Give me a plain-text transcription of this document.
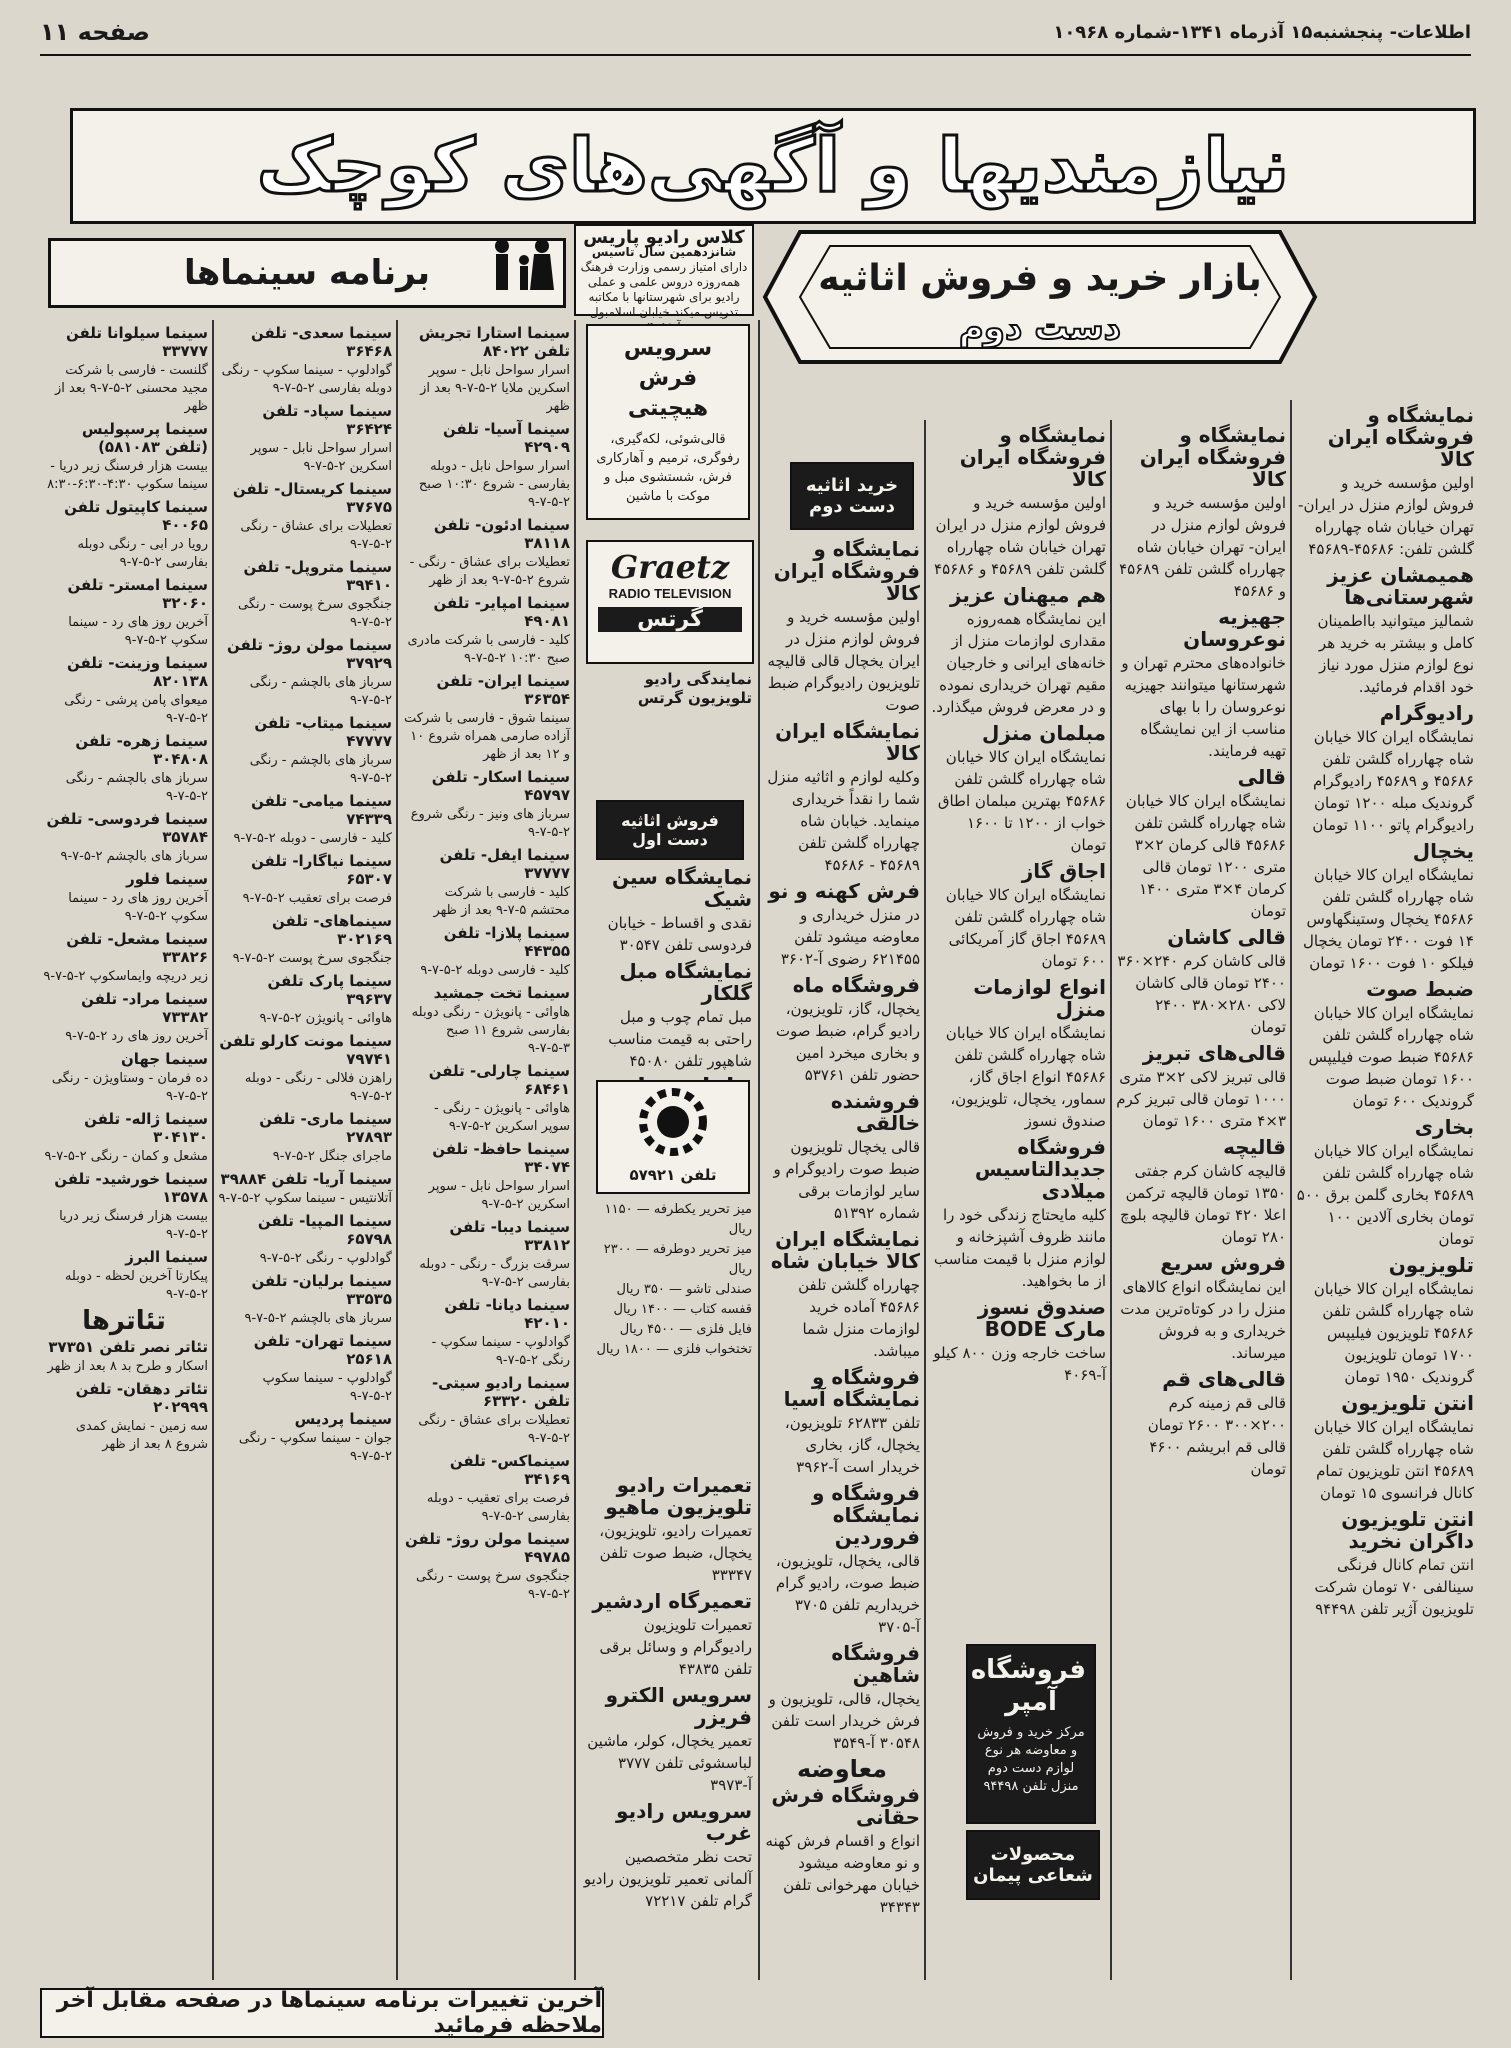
اطلاعات- پنجشنبه۱۵ آذرماه ۱۳۴۱-شماره ۱۰۹۶۸
صفحه ۱۱
نیازمندیها و آگهی‌های کوچک
بازار خرید و فروش اثاثیه
دست دوم
برنامه سینماها
کلاس رادیو پاریس
شانزدهمین سال تاسیس
دارای امتیاز رسمی وزارت فرهنگ همه‌روزه دروس علمی و عملی رادیو برای شهرستانها با مکاتبه تدریس میکند خیابان اسلامبول
نمایشگاه و فروشگاه ایران کالا

اولین مؤسسه خرید و فروش لوازم منزل در ایران- تهران خیابان شاه چهارراه گلشن تلفن: ۴۵۶۸۶-۴۵۶۸۹

همیمشان عزیز شهرستانی‌ها

شمالیز میتوانید بااطمینان کامل و بیشتر به خرید هر نوع لوازم منزل مورد نیاز خود اقدام فرمائید.

رادیوگرام

نمایشگاه ایران کالا خیابان شاه چهارراه گلشن تلفن ۴۵۶۸۶ و ۴۵۶۸۹ رادیوگرام گروندیک مبله ۱۲۰۰ تومان رادیوگرام پاتو ۱۱۰۰ تومان

یخچال

نمایشگاه ایران کالا خیابان شاه چهارراه گلشن تلفن ۴۵۶۸۶ یخچال وستینگهاوس ۱۴ فوت ۲۴۰۰ تومان یخچال فیلکو ۱۰ فوت ۱۶۰۰ تومان

ضبط صوت

نمایشگاه ایران کالا خیابان شاه چهارراه گلشن تلفن ۴۵۶۸۶ ضبط صوت فیلیپس ۱۶۰۰ تومان ضبط صوت گروندیک ۶۰۰ تومان

بخاری

نمایشگاه ایران کالا خیابان شاه چهارراه گلشن تلفن ۴۵۶۸۹ بخاری گلمن برق ۵۰۰ تومان بخاری آلادین ۱۰۰ تومان

تلویزیون

نمایشگاه ایران کالا خیابان شاه چهارراه گلشن تلفن ۴۵۶۸۶ تلویزیون فیلیپس ۱۷۰۰ تومان تلویزیون گروندیک ۱۹۵۰ تومان

انتن تلویزیون

نمایشگاه ایران کالا خیابان شاه چهارراه گلشن تلفن ۴۵۶۸۹ انتن تلویزیون تمام کانال فرانسوی ۱۵ تومان

انتن تلویزیون داگران نخرید

انتن تمام کانال فرنگی سینالفی ۷۰ تومان شرکت تلویزیون آژیر تلفن ۹۴۴۹۸

نمایشگاه و فروشگاه ایران کالا

اولین مؤسسه خرید و فروش لوازم منزل در ایران- تهران خیابان شاه چهارراه گلشن تلفن ۴۵۶۸۹ و ۴۵۶۸۶

جهیزیه نوعروسان

خانواده‌های محترم تهران و شهرستانها میتوانند جهیزیه نوعروسان را با بهای مناسب از این نمایشگاه تهیه فرمایند.

قالی

نمایشگاه ایران کالا خیابان شاه چهارراه گلشن تلفن ۴۵۶۸۶ قالی کرمان ۲×۳ متری ۱۲۰۰ تومان قالی کرمان ۴×۳ متری ۱۴۰۰ تومان

قالی کاشان

قالی کاشان کرم ۲۴۰×۳۶۰ ۲۴۰۰ تومان قالی کاشان لاکی ۲۸۰×۳۸۰ ۲۴۰۰ تومان

قالی‌های تبریز

قالی تبریز لاکی ۲×۳ متری ۱۰۰۰ تومان قالی تبریز کرم ۳×۴ متری ۱۶۰۰ تومان

قالیچه

قالیچه کاشان کرم جفتی ۱۳۵۰ تومان قالیچه ترکمن اعلا ۴۲۰ تومان قالیچه بلوچ ۲۸۰ تومان

فروش سریع

این نمایشگاه انواع کالاهای منزل را در کوتاه‌ترین مدت خریداری و به فروش میرساند.

قالی‌های قم

قالی قم زمینه کرم ۲۰۰×۳۰۰ ۲۶۰۰ تومان قالی قم ابریشم ۴۶۰۰ تومان

نمایشگاه و فروشگاه ایران کالا

اولین مؤسسه خرید و فروش لوازم منزل در ایران تهران خیابان شاه چهارراه گلشن تلفن ۴۵۶۸۹ و ۴۵۶۸۶

هم میهنان عزیز

این نمایشگاه همه‌روزه مقداری لوازمات منزل از خانه‌های ایرانی و خارجیان مقیم تهران خریداری نموده و در معرض فروش میگذارد.

مبلمان منزل

نمایشگاه ایران کالا خیابان شاه چهارراه گلشن تلفن ۴۵۶۸۶ بهترین مبلمان اطاق خواب از ۱۲۰۰ تا ۱۶۰۰ تومان

اجاق گاز

نمایشگاه ایران کالا خیابان شاه چهارراه گلشن تلفن ۴۵۶۸۹ اجاق گاز آمریکائی ۶۰۰ تومان

انواع لوازمات منزل

نمایشگاه ایران کالا خیابان شاه چهارراه گلشن تلفن ۴۵۶۸۶ انواع اجاق گاز، سماور، یخچال، تلویزیون، صندوق نسوز

فروشگاه جدیدالتاسیس میلادی

کلیه مایحتاج زندگی خود را مانند ظروف آشپزخانه و لوازم منزل با قیمت مناسب از ما بخواهید.

صندوق نسوز مارک BODE

ساخت خارجه وزن ۸۰۰ کیلو آ-۴۰۶۹

فروشگاه آمپر
مرکز خرید و فروش و معاوضه هر نوع لوازم دست دوم منزل تلفن ۹۴۴۹۸
محصولات شعاعی پیمان
خرید اثاثیه دست دوم
نمایشگاه و فروشگاه ایران کالا

اولین مؤسسه خرید و فروش لوازم منزل در ایران یخچال قالی قالیچه تلویزیون رادیوگرام ضبط صوت

نمایشگاه ایران کالا

وکلیه لوازم و اثاثیه منزل شما را نقداً خریداری مینماید. خیابان شاه چهارراه گلشن تلفن ۴۵۶۸۹ - ۴۵۶۸۶

فرش کهنه و نو

در منزل خریداری و معاوضه میشود تلفن ۶۲۱۴۵۵ رضوی آ-۳۶۰۲

فروشگاه ماه

یخچال، گاز، تلویزیون، رادیو گرام، ضبط صوت و بخاری میخرد امین حضور تلفن ۵۳۷۶۱

فروشنده خالقی

قالی یخچال تلویزیون ضبط صوت رادیوگرام و سایر لوازمات برقی شماره ۵۱۳۹۲

نمایشگاه ایران کالا خیابان شاه

چهارراه گلشن تلفن ۴۵۶۸۶ آماده خرید لوازمات منزل شما میباشد.

فروشگاه و نمایشگاه آسیا

تلفن ۶۲۸۳۳ تلویزیون، یخچال، گاز، بخاری خریدار است آ-۳۹۶۲

فروشگاه و نمایشگاه فروردین

قالی، یخچال، تلویزیون، ضبط صوت، رادیو گرام خریداریم تلفن ۳۷۰۵ آ-۳۷۰۵

فروشگاه شاهین

یخچال، قالی، تلویزیون و فرش خریدار است تلفن ۳۰۵۴۸ آ-۳۵۴۹

معاوضه
فروشگاه فرش حقانی

انواع و اقسام فرش کهنه و نو معاوضه میشود خیابان مهرخوانی تلفن ۳۴۳۴۳

سرویس فرش هیچیتی
قالی‌شوئی، لکه‌گیری، رفوگری، ترمیم و آهارکاری فرش، شستشوی مبل و موکت با ماشین
Graetz
RADIO TELEVISION
گرتس
نمایندگی رادیو تلویزیون گرتس
فروش اثاثیه دست اول
نمایشگاه سین شیک

نقدی و اقساط - خیابان فردوسی تلفن ۳۰۵۴۷

نمایشگاه مبل گلکار

مبل تمام چوب و مبل راحتی به قیمت مناسب شاهپور تلفن ۴۵۰۸۰

تلفن ۵۷۹۲۱
میز تحریر یکطرفه — ۱۱۵۰ ریال
میز تحریر دوطرفه — ۲۳۰۰ ریال
صندلی تاشو — ۳۵۰ ریال
قفسه کتاب — ۱۴۰۰ ریال
فایل فلزی — ۴۵۰۰ ریال
تختخواب فلزی — ۱۸۰۰ ریال
تعمیرات رادیو تلویزیون ماهیو

تعمیرات رادیو، تلویزیون، یخچال، ضبط صوت تلفن ۳۳۳۴۷

تعمیرگاه اردشیر

تعمیرات تلویزیون رادیوگرام و وسائل برقی تلفن ۴۳۸۳۵

سرویس الکترو فریزر

تعمیر یخچال، کولر، ماشین لباسشوئی تلفن ۳۷۷۷ آ-۳۹۷۳

سرویس رادیو غرب

تحت نظر متخصصین آلمانی تعمیر تلویزیون رادیو گرام تلفن ۷۲۲۱۷

سینما استارا تجریش تلفن ۸۴۰۲۲

اسرار سواحل نابل - سوپر اسکرین ملایا ۲-۵-۷-۹ بعد از ظهر

سینما آسیا- تلفن ۴۲۹۰۹

اسرار سواحل نابل - دوبله بفارسی - شروع ۱۰:۳۰ صبح ۲-۵-۷-۹

سینما ادئون- تلفن ۳۸۱۱۸

تعطیلات برای عشاق - رنگی - شروع ۲-۵-۷-۹ بعد از ظهر

سینما امپایر- تلفن ۴۹۰۸۱

کلید - فارسی با شرکت مادری صبح ۱۰:۳۰ ۲-۵-۷-۹

سینما ایران- تلفن ۳۶۳۵۴

سینما شوق - فارسی با شرکت آزاده صارمی همراه شروع ۱۰ و ۱۲ بعد از ظهر

سینما اسکار- تلفن ۴۵۷۹۷

سرباز های ونیز - رنگی شروع ۲-۵-۷-۹

سینما ایفل- تلفن ۳۷۷۷۷

کلید - فارسی با شرکت محتشم ۵-۷-۹ بعد از ظهر

سینما پلازا- تلفن ۴۴۳۵۵

کلید - فارسی دوبله ۲-۵-۷-۹

سینما تخت جمشید

هاوائی - پانویژن - رنگی دوبله بفارسی شروع ۱۱ صبح ۳-۵-۷-۹

سینما چارلی- تلفن ۶۸۴۶۱

هاوائی - پانویژن - رنگی - سوپر اسکرین ۲-۵-۷-۹

سینما حافظ- تلفن ۳۴۰۷۴

اسرار سواحل نابل - سوپر اسکرین ۲-۵-۷-۹

سینما دیبا- تلفن ۳۳۸۱۲

سرقت بزرگ - رنگی - دوبله بفارسی ۲-۵-۷-۹

سینما دیانا- تلفن ۴۲۰۱۰

گوادلوپ - سینما سکوپ - رنگی ۲-۵-۷-۹

سینما رادیو سیتی- تلفن ۶۳۳۲۰

تعطیلات برای عشاق - رنگی ۲-۵-۷-۹

سینماکس- تلفن ۳۴۱۶۹

فرصت برای تعقیب - دوبله بفارسی ۲-۵-۷-۹

سینما مولن روژ- تلفن ۴۹۷۸۵

جنگجوی سرخ پوست - رنگی ۲-۵-۷-۹

سینما سعدی- تلفن ۳۶۴۶۸

گوادلوپ - سینما سکوپ - رنگی دوبله بفارسی ۲-۵-۷-۹

سینما سپاد- تلفن ۳۶۴۲۴

اسرار سواحل نابل - سوپر اسکرین ۲-۵-۷-۹

سینما کریستال- تلفن ۳۷۶۷۵

تعطیلات برای عشاق - رنگی ۲-۵-۷-۹

سینما متروپل- تلفن ۳۹۴۱۰

جنگجوی سرخ پوست - رنگی ۲-۵-۷-۹

سینما مولن روژ- تلفن ۳۷۹۲۹

سرباز های بالچشم - رنگی ۲-۵-۷-۹

سینما میتاب- تلفن ۴۷۷۷۷

سرباز های بالچشم - رنگی ۲-۵-۷-۹

سینما میامی- تلفن ۷۴۳۳۹

کلید - فارسی - دوبله ۲-۵-۷-۹

سینما نیاگارا- تلفن ۶۵۳۰۷

فرصت برای تعقیب ۲-۵-۷-۹

سینماهای- تلفن ۳۰۲۱۶۹

جنگجوی سرخ پوست ۲-۵-۷-۹

سینما پارک تلفن ۳۹۶۳۷

هاوائی - پانویژن ۲-۵-۷-۹

سینما مونت کارلو تلفن ۷۹۷۴۱

راهزن فلالی - رنگی - دوبله ۲-۵-۷-۹

سینما ماری- تلفن ۲۷۸۹۳

ماجرای جنگل ۲-۵-۷-۹

سینما آریا- تلفن ۳۹۸۸۴

آتلانتیس - سینما سکوپ ۲-۵-۷-۹

سینما المپیا- تلفن ۶۵۷۹۸

گوادلوپ - رنگی ۲-۵-۷-۹

سینما برلیان- تلفن ۳۳۵۳۵

سرباز های بالچشم ۲-۵-۷-۹

سینما تهران- تلفن ۲۵۶۱۸

گوادلوپ - سینما سکوپ ۲-۵-۷-۹

سینما پردیس

جوان - سینما سکوپ - رنگی ۲-۵-۷-۹

سینما سیلوانا تلفن ۳۳۷۷۷

گلنست - فارسی با شرکت مجید محسنی ۲-۵-۷-۹ بعد از ظهر

سینما پرسپولیس (تلفن ۵۸۱۰۸۳)

بیست هزار فرسنگ زیر دریا - سینما سکوپ ۴:۳۰-۶:۳۰-۸:۳۰

سینما کاپیتول تلفن ۴۰۰۶۵

رویا در ابی - رنگی دوبله بفارسی ۲-۵-۷-۹

سینما امستر- تلفن ۳۲۰۶۰

آخرین روز های رد - سینما سکوپ ۲-۵-۷-۹

سینما وزینت- تلفن ۸۲۰۱۳۸

میعوای پامن پرشی - رنگی ۲-۵-۷-۹

سینما زهره- تلفن ۳۰۴۸۰۸

سرباز های بالچشم - رنگی ۲-۵-۷-۹

سینما فردوسی- تلفن ۳۵۷۸۴

سرباز های بالچشم ۲-۵-۷-۹

سینما فلور

آخرین روز های رد - سینما سکوپ ۲-۵-۷-۹

سینما مشعل- تلفن ۳۳۸۲۶

زیر دریچه وایماسکوپ ۲-۵-۷-۹

سینما مراد- تلفن ۷۳۳۸۲

آخرین روز های رد ۲-۵-۷-۹

سینما جهان

ده فرمان - وستاویژن - رنگی ۲-۵-۷-۹

سینما ژاله- تلفن ۳۰۴۱۳۰

مشعل و کمان - رنگی ۲-۵-۷-۹

سینما خورشید- تلفن ۱۳۵۷۸

بیست هزار فرسنگ زیر دریا ۲-۵-۷-۹

سینما البرز

پیکارتا آخرین لحظه - دوبله ۲-۵-۷-۹

تئاترها
تئاتر نصر تلفن ۳۷۳۵۱

اسکار و طرح بد ۸ بعد از ظهر

تئاتر دهقان- تلفن ۲۰۲۹۹۹

سه زمین - نمایش کمدی شروع ۸ بعد از ظهر

آخرین تغییرات برنامه سینماها در صفحه مقابل آخر ملاحظه فرمائید
